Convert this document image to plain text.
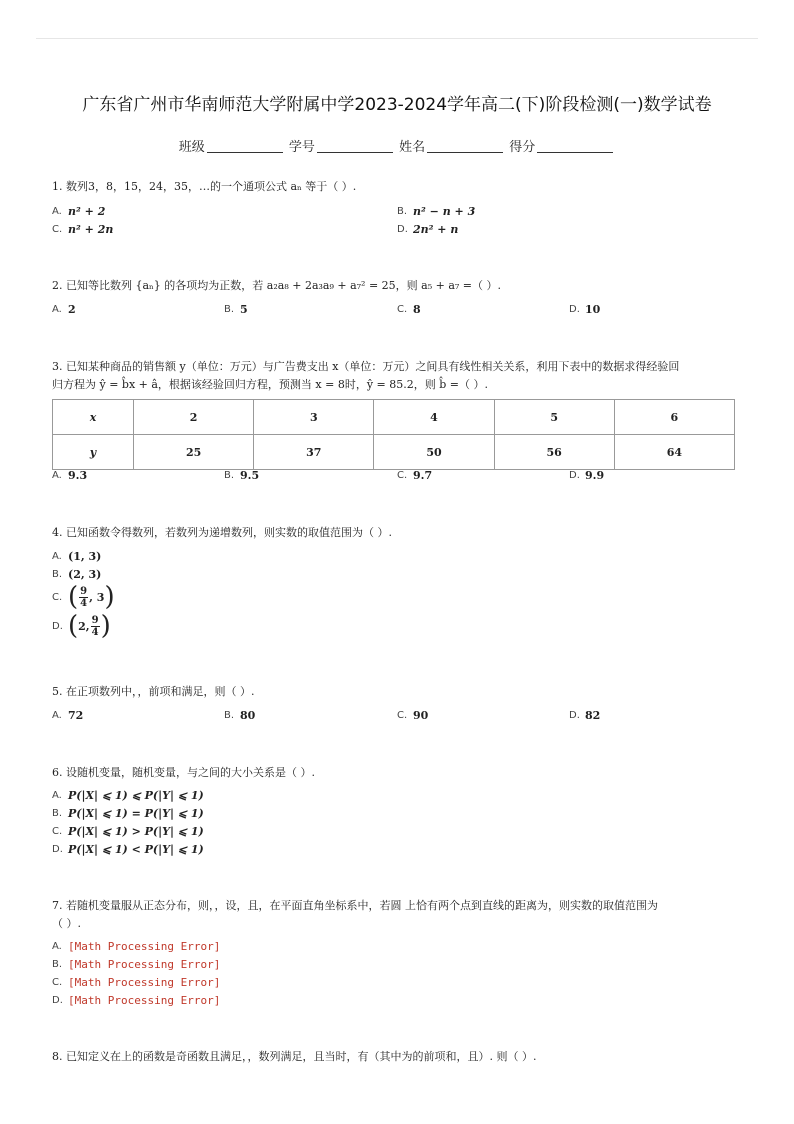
广东省广州市华南师范大学附属中学2023-2024学年高二(下)阶段检测(一)数学试卷
班级	学号	姓名	得分
1. 数列3，8，15，24，35，…的一个通项公式 aₙ 等于（ ）.
A. n² + 2	B. n² − n + 3
C. n² + 2n	D. 2n² + n
2. 已知等比数列 {aₙ} 的各项均为正数，若 a₂a₈ + 2a₃a₉ + a₇² = 25，则 a₅ + a₇ =（ ）.
A. 2	B. 5	C. 8	D. 10
3. 已知某种商品的销售额 y（单位：万元）与广告费支出 x（单位：万元）之间具有线性相关关系，利用下表中的数据求得经验回
归方程为 ŷ = b̂x + â，根据该经验回归方程，预测当 x = 8时，ŷ = 85.2，则 b̂ =（ ）.
x	2	3	4	5	6
y	25	37	50	56	64
A. 9.3	B. 9.5	C. 9.7	D. 9.9
4. 已知函数令得数列，若数列为递增数列，则实数的取值范围为（ ）.
A. (1, 3)
B. (2, 3)
C. ( 9
4 , 3 )
D. ( 2, 9
4 )
5. 在正项数列中，，前项和满足，则（ ）.
A. 72	B. 80	C. 90	D. 82
6. 设随机变量，随机变量，与之间的大小关系是（ ）.
A. P(|X| ⩽ 1) ⩽ P(|Y| ⩽ 1)
B. P(|X| ⩽ 1) = P(|Y| ⩽ 1)
C. P(|X| ⩽ 1) > P(|Y| ⩽ 1)
D. P(|X| ⩽ 1) < P(|Y| ⩽ 1)
7. 若随机变量服从正态分布，则，，设，且，在平面直角坐标系中，若圆 上恰有两个点到直线的距离为，则实数的取值范围为
（ ）.
A. [Math Processing Error]
B. [Math Processing Error]
C. [Math Processing Error]
D. [Math Processing Error]
8. 已知定义在上的函数是奇函数且满足，，数列满足，且当时，有（其中为的前项和，且）. 则（ ）.
